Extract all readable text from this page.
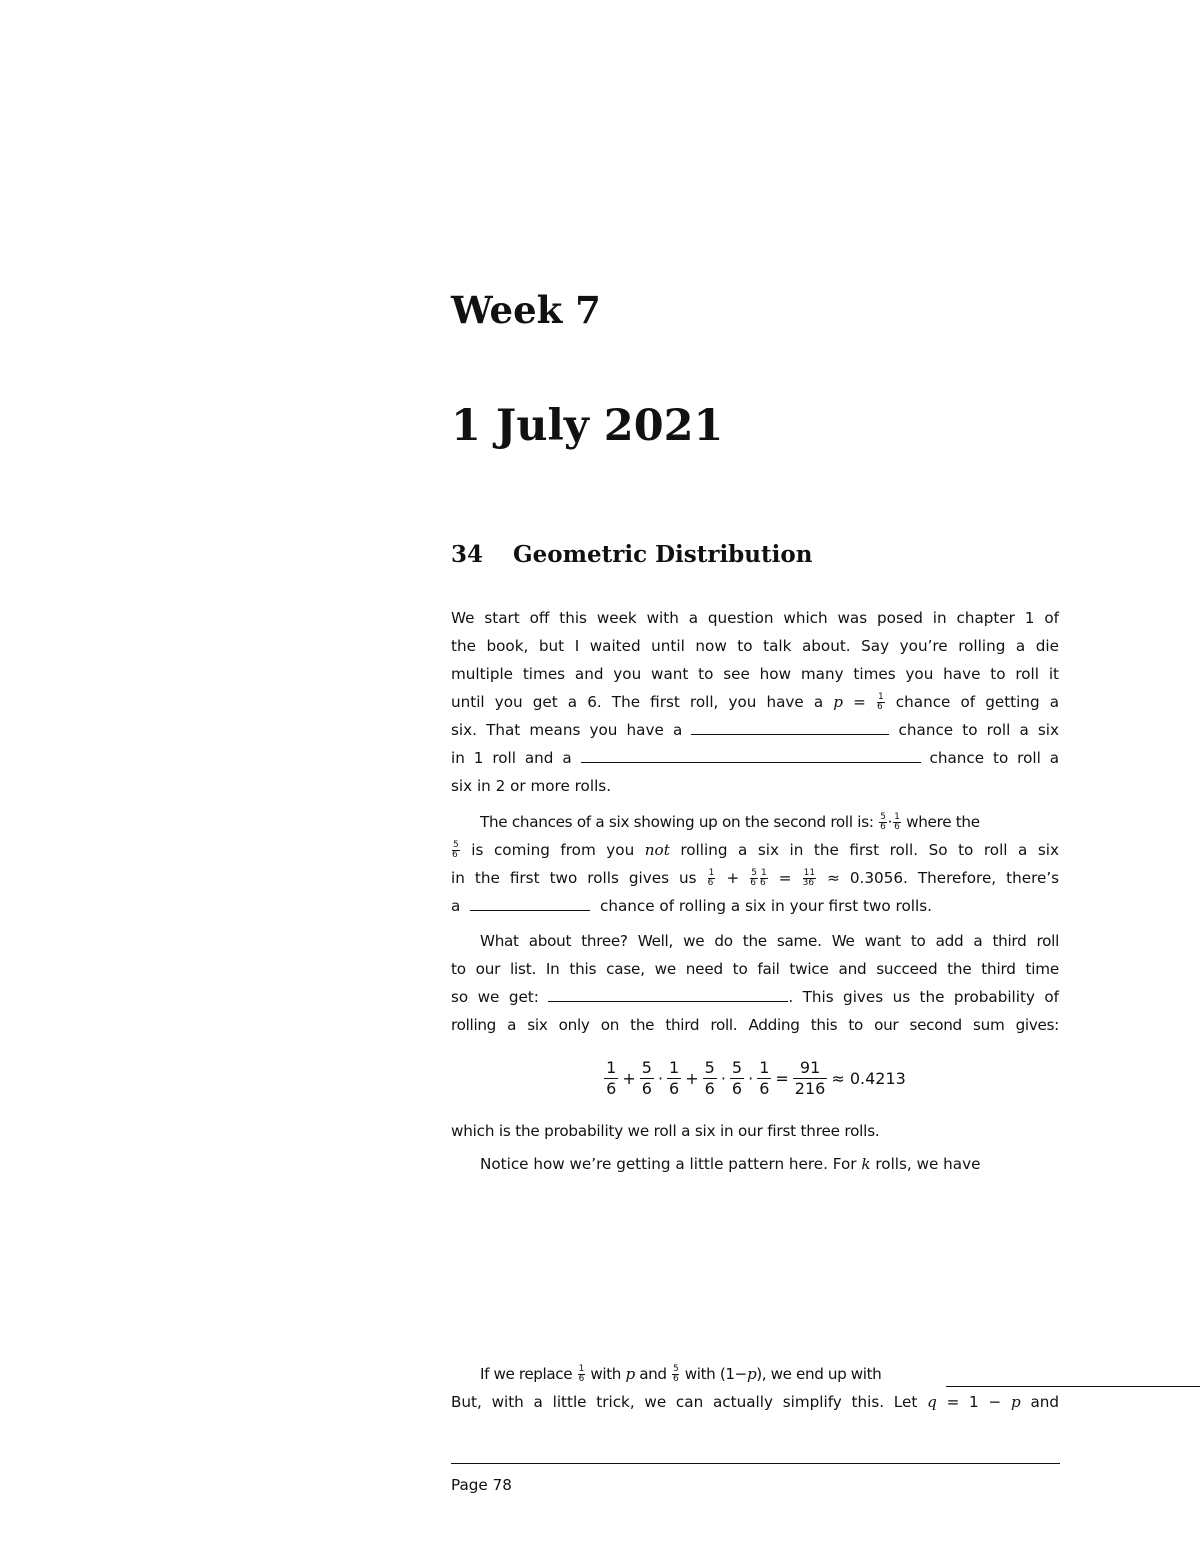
Week 7
1 July 2021
34 Geometric Distribution
We start off this week with a question which was posed in chapter 1 of
the book, but I waited until now to talk about. Say you’re rolling a die
multiple times and you want to see how many times you have to roll it
until you get a 6. The first roll, you have a $p = \frac{1}{6}$ chance of getting a
six. That means you have a	chance to roll a six
in 1 roll and a	chance to roll a
six in 2 or more rolls.
The chances of a six showing up on the second roll is: $\frac{5}{6} \cdot \frac{1}{6}$ where the
$\frac{5}{6}$ is coming from you not rolling a six in the first roll. So to roll a six
in the first two rolls gives us $\frac{1}{6} + \frac{5}{6} \frac{1}{6} = \frac{11}{36} \approx 0.3056$. Therefore, there’s
a	chance of rolling a six in your first two rolls.
What about three? Well, we do the same. We want to add a third roll
to our list. In this case, we need to fail twice and succeed the third time
so we get:	. This gives us the probability of
rolling a six only on the third roll. Adding this to our second sum gives:
$\frac{1}{6} + \frac{5}{6} \cdot \frac{1}{6} + \frac{5}{6} \cdot \frac{5}{6} \cdot \frac{1}{6} = \frac{91}{216} \approx 0.4213$
which is the probability we roll a six in our first three rolls.
Notice how we’re getting a little pattern here. For k rolls, we have
If we replace $\frac{1}{6}$ with p and $\frac{5}{6}$ with (1−p), we end up with
But, with a little trick, we can actually simplify this. Let q = 1 − p and
Page 78
